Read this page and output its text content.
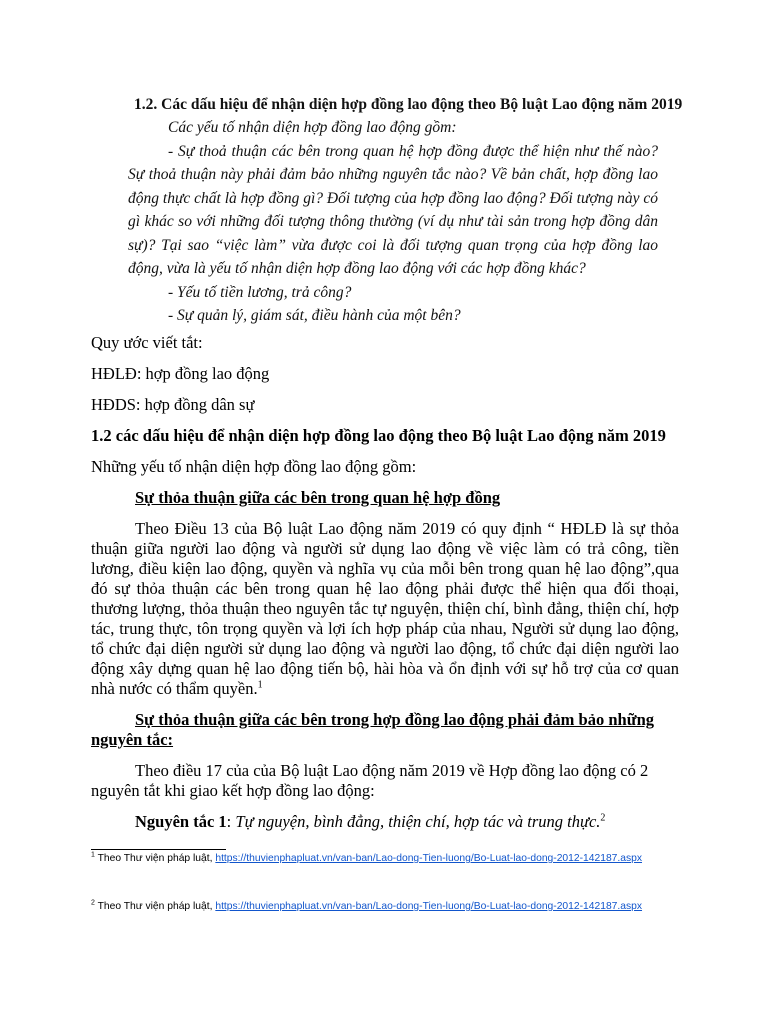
1.2. Các dấu hiệu để nhận diện hợp đồng lao động theo Bộ luật Lao động năm 2019
Các yếu tố nhận diện hợp đồng lao động gồm:
- Sự thoả thuận các bên trong quan hệ hợp đồng được thể hiện như thế nào? Sự thoả thuận này phải đảm bảo những nguyên tắc nào? Về bản chất, hợp đồng lao động thực chất là hợp đồng gì? Đối tượng của hợp đồng lao động? Đối tượng này có gì khác so với những đối tượng thông thường (ví dụ như tài sản trong hợp đồng dân sự)? Tại sao “việc làm” vừa được coi là đối tượng quan trọng của hợp đồng lao động, vừa là yếu tố nhận diện hợp đồng lao động với các hợp đồng khác?
- Yếu tố tiền lương, trả công?
- Sự quản lý, giám sát, điều hành của một bên?

Quy ước viết tắt:

HĐLĐ: hợp đồng lao động

HĐDS: hợp đồng dân sự

1.2 các dấu hiệu để nhận diện hợp đồng lao động theo Bộ luật Lao động năm 2019

Những yếu tố nhận diện hợp đồng lao động gồm:

Sự thỏa thuận giữa các bên trong quan hệ hợp đồng

Theo Điều 13 của Bộ luật Lao động năm 2019 có quy định “ HĐLĐ là sự thỏa thuận giữa người lao động và người sử dụng lao động về việc làm có trả công, tiền lương, điều kiện lao động, quyền và nghĩa vụ của mỗi bên trong quan hệ lao động”,qua đó sự thỏa thuận các bên trong quan hệ lao động phải được thể hiện qua đối thoại, thương lượng, thỏa thuận theo nguyên tắc tự nguyện, thiện chí, bình đẳng, thiện chí, hợp tác, trung thực, tôn trọng quyền và lợi ích hợp pháp của nhau, Người sử dụng lao động, tổ chức đại diện người sử dụng lao động và người lao động, tổ chức đại diện người lao động xây dựng quan hệ lao động tiến bộ, hài hòa và ổn định với sự hỗ trợ của cơ quan nhà nước có thẩm quyền.$^1$

Sự thỏa thuận giữa các bên trong hợp đồng lao động phải đảm bảo những nguyên tắc:

Theo điều 17 của của Bộ luật Lao động năm 2019 về Hợp đồng lao động có 2 nguyên tắt khi giao kết hợp đồng lao động:

Nguyên tắc 1: Tự nguyện, bình đẳng, thiện chí, hợp tác và trung thực.$^2$

$^1$ Theo Thư viện pháp luật, https://thuvienphapluat.vn/van-ban/Lao-dong-Tien-luong/Bo-Luat-lao-dong-2012-142187.aspx
$^2$ Theo Thư viện pháp luật, https://thuvienphapluat.vn/van-ban/Lao-dong-Tien-luong/Bo-Luat-lao-dong-2012-142187.aspx
